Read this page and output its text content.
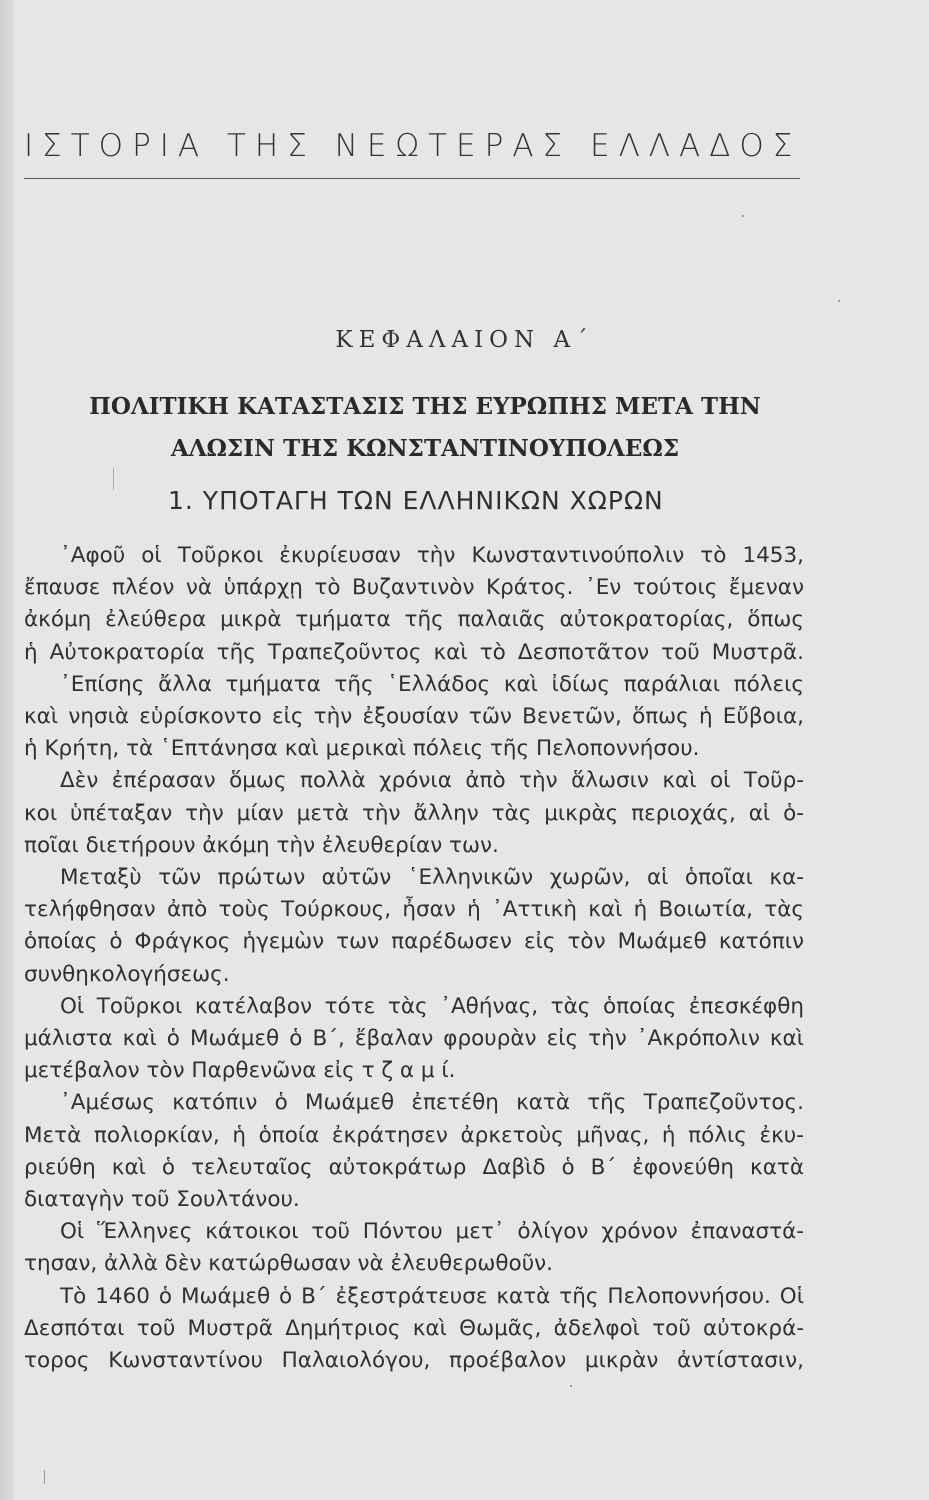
ΙΣΤΟΡΙΑ ΤΗΣ ΝΕΩΤΕΡΑΣ ΕΛΛΑΔΟΣ
ΚΕΦΑΛΑΙΟΝ Α΄
ΠΟΛΙΤΙΚΗ ΚΑΤΑΣΤΑΣΙΣ ΤΗΣ ΕΥΡΩΠΗΣ ΜΕΤΑ ΤΗΝ
ΑΛΩΣΙΝ ΤΗΣ ΚΩΝΣΤΑΝΤΙΝΟΥΠΟΛΕΩΣ
1. ΥΠΟΤΑΓΗ ΤΩΝ ΕΛΛΗΝΙΚΩΝ ΧΩΡΩΝ
᾿Αφοῦ οἱ Τοῦρκοι ἐκυρίευσαν τὴν Κωνσταντινούπολιν τὸ 1453,
ἔπαυσε πλέον νὰ ὑπάρχῃ τὸ Βυζαντινὸν Κράτος. ᾿Εν τούτοις ἔμεναν
ἀκόμη ἐλεύθερα μικρὰ τμήματα τῆς παλαιᾶς αὐτοκρατορίας, ὅπως
ἡ Αὐτοκρατορία τῆς Τραπεζοῦντος καὶ τὸ Δεσποτᾶτον τοῦ Μυστρᾶ.
᾿Επίσης ἄλλα τμήματα τῆς ῾Ελλάδος καὶ ἰδίως παράλιαι πόλεις
καὶ νησιὰ εὑρίσκοντο εἰς τὴν ἐξουσίαν τῶν Βενετῶν, ὅπως ἡ Εὔβοια,
ἡ Κρήτη, τὰ ῾Επτάνησα καὶ μερικαὶ πόλεις τῆς Πελοποννήσου.
Δὲν ἐπέρασαν ὅμως πολλὰ χρόνια ἀπὸ τὴν ἅλωσιν καὶ οἱ Τοῦρ-
κοι ὑπέταξαν τὴν μίαν μετὰ τὴν ἄλλην τὰς μικρὰς περιοχάς, αἱ ὁ-
ποῖαι διετήρουν ἀκόμη τὴν ἐλευθερίαν των.
Μεταξὺ τῶν πρώτων αὐτῶν ῾Ελληνικῶν χωρῶν, αἱ ὁποῖαι κα-
τελήφθησαν ἀπὸ τοὺς Τούρκους, ἦσαν ἡ ᾿Αττικὴ καὶ ἡ Βοιωτία, τὰς
ὁποίας ὁ Φράγκος ἡγεμὼν των παρέδωσεν εἰς τὸν Μωάμεθ κατόπιν
συνθηκολογήσεως.
Οἱ Τοῦρκοι κατέλαβον τότε τὰς ᾿Αθήνας, τὰς ὁποίας ἐπεσκέφθη
μάλιστα καὶ ὁ Μωάμεθ ὁ Β΄, ἔβαλαν φρουρὰν εἰς τὴν ᾿Ακρόπολιν καὶ
μετέβαλον τὸν Παρθενῶνα εἰς τ ζ α μ ί.
᾿Αμέσως κατόπιν ὁ Μωάμεθ ἐπετέθη κατὰ τῆς Τραπεζοῦντος.
Μετὰ πολιορκίαν, ἡ ὁποία ἐκράτησεν ἀρκετοὺς μῆνας, ἡ πόλις ἐκυ-
ριεύθη καὶ ὁ τελευταῖος αὐτοκράτωρ Δαβὶδ ὁ Β΄ ἐφονεύθη κατὰ
διαταγὴν τοῦ Σουλτάνου.
Οἱ Ἕλληνες κάτοικοι τοῦ Πόντου μετ᾿ ὀλίγον χρόνον ἐπαναστά-
τησαν, ἀλλὰ δὲν κατώρθωσαν νὰ ἐλευθερωθοῦν.
Τὸ 1460 ὁ Μωάμεθ ὁ Β΄ ἐξεστράτευσε κατὰ τῆς Πελοποννήσου. Οἱ
Δεσπόται τοῦ Μυστρᾶ Δημήτριος καὶ Θωμᾶς, ἀδελφοὶ τοῦ αὐτοκρά-
τορος Κωνσταντίνου Παλαιολόγου, προέβαλον μικρὰν ἀντίστασιν,
